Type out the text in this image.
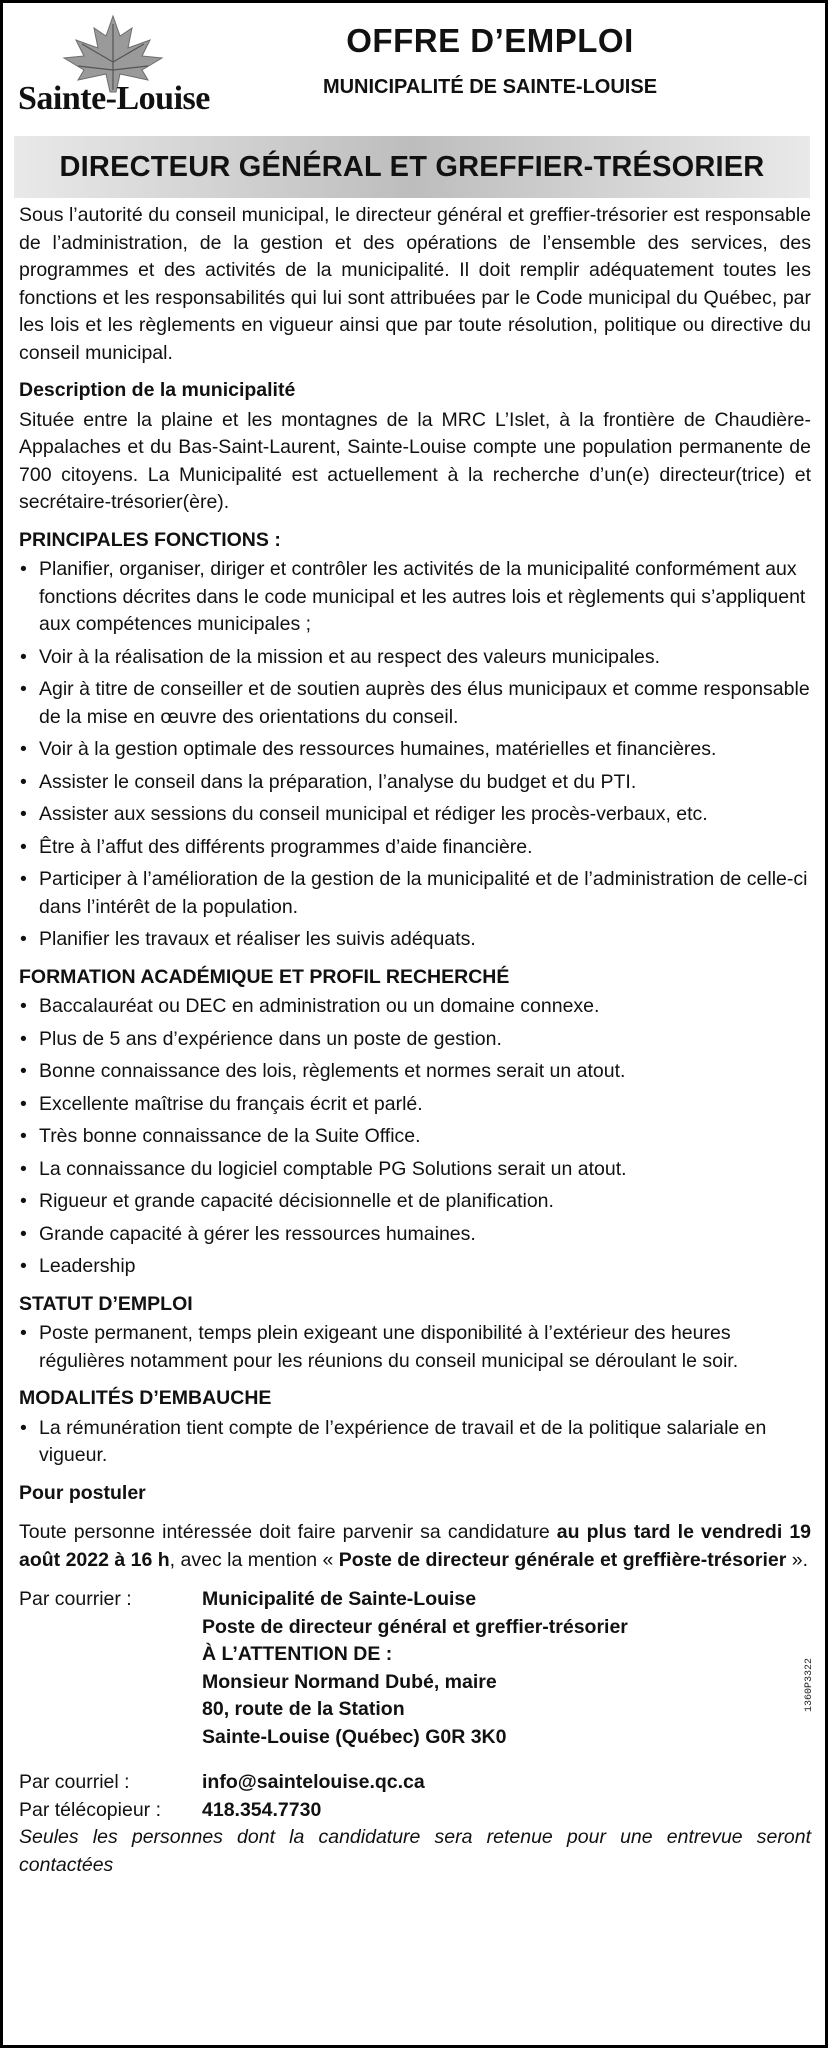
Sainte-Louise
OFFRE D’EMPLOI
MUNICIPALITÉ DE SAINTE-LOUISE
DIRECTEUR GÉNÉRAL ET GREFFIER-TRÉSORIER

Sous l’autorité du conseil municipal, le directeur général et greffier-trésorier est responsable de l’administration, de la gestion et des opérations de l’ensemble des services, des programmes et des activités de la municipalité. Il doit remplir adéquatement toutes les fonctions et les responsabilités qui lui sont attribuées par le Code municipal du Québec, par les lois et les règlements en vigueur ainsi que par toute résolution, politique ou directive du conseil municipal.

Description de la municipalité

Située entre la plaine et les montagnes de la MRC L’Islet, à la frontière de Chaudière-Appalaches et du Bas-Saint-Laurent, Sainte-Louise compte une population permanente de 700 citoyens. La Municipalité est actuellement à la recherche d’un(e) directeur(trice) et secrétaire-trésorier(ère).

PRINCIPALES FONCTIONS :
• Planifier, organiser, diriger et contrôler les activités de la municipalité conformément aux fonctions décrites dans le code municipal et les autres lois et règlements qui s’appliquent aux compétences municipales ;
• Voir à la réalisation de la mission et au respect des valeurs municipales.
• Agir à titre de conseiller et de soutien auprès des élus municipaux et comme responsable de la mise en œuvre des orientations du conseil.
• Voir à la gestion optimale des ressources humaines, matérielles et financières.
• Assister le conseil dans la préparation, l’analyse du budget et du PTI.
• Assister aux sessions du conseil municipal et rédiger les procès-verbaux, etc.
• Être à l’affut des différents programmes d’aide financière.
• Participer à l’amélioration de la gestion de la municipalité et de l’administration de celle-ci dans l’intérêt de la population.
• Planifier les travaux et réaliser les suivis adéquats.
FORMATION ACADÉMIQUE ET PROFIL RECHERCHÉ
• Baccalauréat ou DEC en administration ou un domaine connexe.
• Plus de 5 ans d’expérience dans un poste de gestion.
• Bonne connaissance des lois, règlements et normes serait un atout.
• Excellente maîtrise du français écrit et parlé.
• Très bonne connaissance de la Suite Office.
• La connaissance du logiciel comptable PG Solutions serait un atout.
• Rigueur et grande capacité décisionnelle et de planification.
• Grande capacité à gérer les ressources humaines.
• Leadership
STATUT D’EMPLOI
• Poste permanent, temps plein exigeant une disponibilité à l’extérieur des heures régulières notamment pour les réunions du conseil municipal se déroulant le soir.
MODALITÉS D’EMBAUCHE
• La rémunération tient compte de l’expérience de travail et de la politique salariale en vigueur.
Pour postuler

Toute personne intéressée doit faire parvenir sa candidature au plus tard le vendredi 19 août 2022 à 16 h, avec la mention « Poste de directeur générale et greffière-trésorier ».

Par courrier :	Municipalité de Sainte-Louise
Poste de directeur général et greffier-trésorier
À L’ATTENTION DE :
Monsieur Normand Dubé, maire
80, route de la Station
Sainte-Louise (Québec) G0R 3K0
Par courriel :	info@saintelouise.qc.ca
Par télécopieur :	418.354.7730

Seules les personnes dont la candidature sera retenue pour une entrevue seront contactées

1360P3322
